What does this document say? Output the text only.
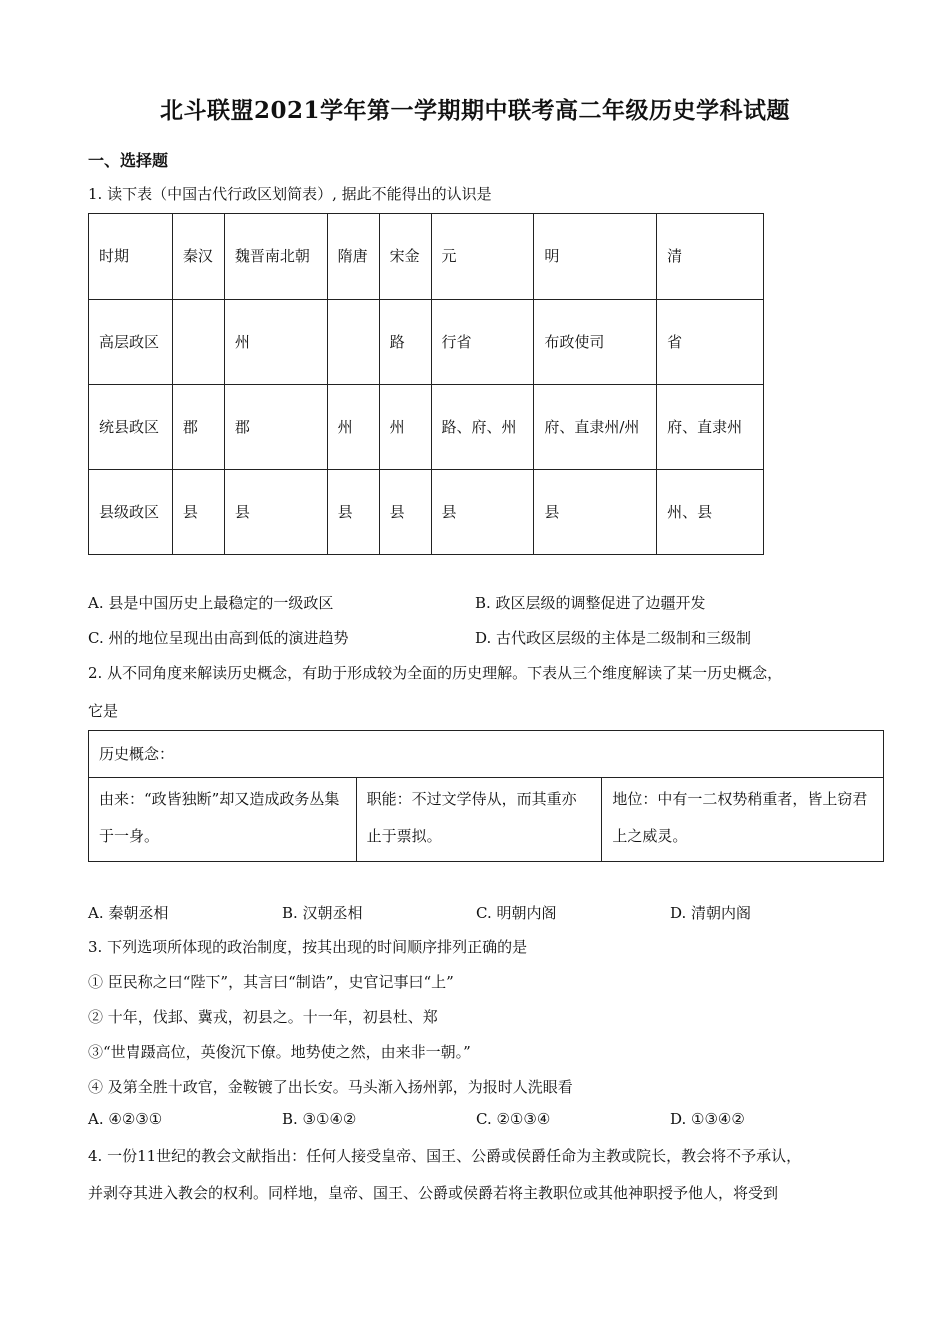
北斗联盟2021学年第一学期期中联考高二年级历史学科试题
一、选择题
1. 读下表（中国古代行政区划简表）, 据此不能得出的认识是
时期	秦汉	魏晋南北朝	隋唐	宋金	元	明	清
高层政区		州		路	行省	布政使司	省
统县政区	郡	郡	州	州	路、府、州	府、直隶州/州	府、直隶州
县级政区	县	县	县	县	县	县	州、县
A. 县是中国历史上最稳定的一级政区	B. 政区层级的调整促进了边疆开发
C. 州的地位呈现出由高到低的演进趋势	D. 古代政区层级的主体是二级制和三级制
2. 从不同角度来解读历史概念，有助于形成较为全面的历史理解。下表从三个维度解读了某一历史概念，
它是
历史概念：
由来：“政皆独断”却又造成政务丛集于一身。	职能：不过文学侍从，而其重亦止于票拟。	地位：中有一二权势稍重者，皆上窃君上之威灵。
A. 秦朝丞相	B. 汉朝丞相	C. 明朝内阁	D. 清朝内阁
3. 下列选项所体现的政治制度，按其出现的时间顺序排列正确的是
① 臣民称之曰“陛下”，其言曰“制诰”，史官记事曰“上”
② 十年，伐邽、冀戎，初县之。十一年，初县杜、郑
③“世胄蹑高位，英俊沉下僚。地势使之然，由来非一朝。”
④ 及第全胜十政官，金鞍镀了出长安。马头渐入扬州郭，为报时人洗眼看
A. ④②③①	B. ③①④②	C. ②①③④	D. ①③④②
4. 一份11世纪的教会文献指出：任何人接受皇帝、国王、公爵或侯爵任命为主教或院长，教会将不予承认，
并剥夺其进入教会的权利。同样地，皇帝、国王、公爵或侯爵若将主教职位或其他神职授予他人，将受到
